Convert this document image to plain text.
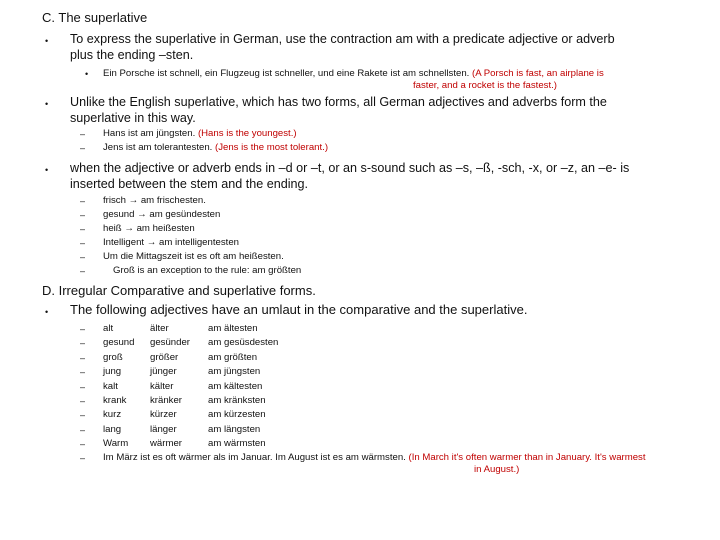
C. The superlative
• To express the superlative in German, use the contraction am with a predicate adjective or adverb
plus the ending –sten.
• Ein Porsche ist schnell, ein Flugzeug ist schneller, und eine Rakete ist am schnellsten. (A Porsch is fast, an airplane is
faster, and a rocket is the fastest.)
• Unlike the English superlative, which has two forms, all German adjectives and adverbs form the
superlative in this way.
– Hans ist am jüngsten. (Hans is the youngest.)
– Jens ist am tolerantesten. (Jens is the most tolerant.)
• when the adjective or adverb ends in –d or –t, or an s-sound such as –s, –ß, -sch, -x, or –z, an –e- is
inserted between the stem and the ending.
– frisch → am frischesten.
– gesund → am gesündesten
– heiß → am heißesten
– Intelligent → am intelligentesten
– Um die Mittagszeit ist es oft am heißesten.
–	Groß is an exception to the rule: am größten
D. Irregular Comparative and superlative forms.
• The following adjectives have an umlaut in the comparative and the superlative.
– alt	älter	am ältesten
– gesund gesünder am gesüsdesten
– groß	größer	am größten
– jung	jünger	am jüngsten
– kalt	kälter	am kältesten
– krank kränker	am kränksten
– kurz	kürzer	am kürzesten
– lang	länger	am längsten
– Warm wärmer	am wärmsten
– Im März ist es oft wärmer als im Januar. Im August ist es am wärmsten. (In March it's often warmer than in January. It's warmest
in August.)
